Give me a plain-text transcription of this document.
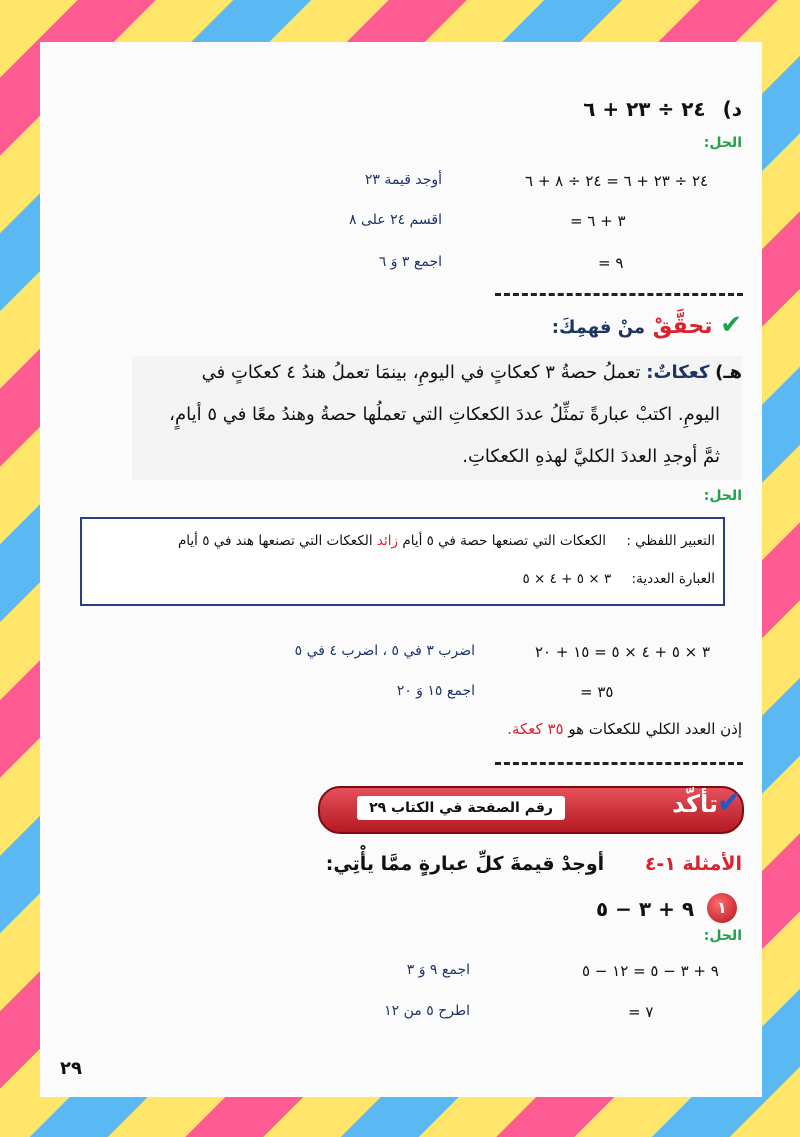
د) ٢٤ ÷ ٢٣ + ٦
الحل:
٢٤ ÷ ٢٣ + ٦ = ٢٤ ÷ ٨ + ٦
أوجد قيمة ٢٣
= ٣ + ٦
اقسم ٢٤ على ٨
= ٩
اجمع ٣ وَ ٦
✔ تحقَّقْ منْ فهمِكَ:
هـ) كعكاتٌ: تعملُ حصةُ ٣ كعكاتٍ في اليومِ، بينمَا تعملُ هندُ ٤ كعكاتٍ في
اليومِ. اكتبْ عبارةً تمثِّلُ عددَ الكعكاتِ التي تعملُها حصةُ وهندُ معًا في ٥ أيامٍ،
ثمَّ أوجدِ العددَ الكليَّ لهذهِ الكعكاتِ.
الحل:
التعبير اللفظي : الكعكات التي تصنعها حصة في ٥ أيام زائد الكعكات التي تصنعها هند في ٥ أيام
العبارة العددية: ٣ × ٥ + ٤ × ٥
٣ × ٥ + ٤ × ٥ = ١٥ + ٢٠
اضرب ٣ في ٥ ، اضرب ٤ في ٥
= ٣٥
اجمع ١٥ وَ ٢٠
إذن العدد الكلي للكعكات هو ٣٥ كعكة.
تأكّد
✔
رقم الصفحة في الكتاب ٢٩
الأمثلة ١-٤ أوجدْ قيمةَ كلِّ عبارةٍ ممَّا يأْتِي:
١
٩ + ٣ − ٥
الحل:
٩ + ٣ − ٥ = ١٢ − ٥
اجمع ٩ وَ ٣
= ٧
اطرح ٥ من ١٢
٢٩
